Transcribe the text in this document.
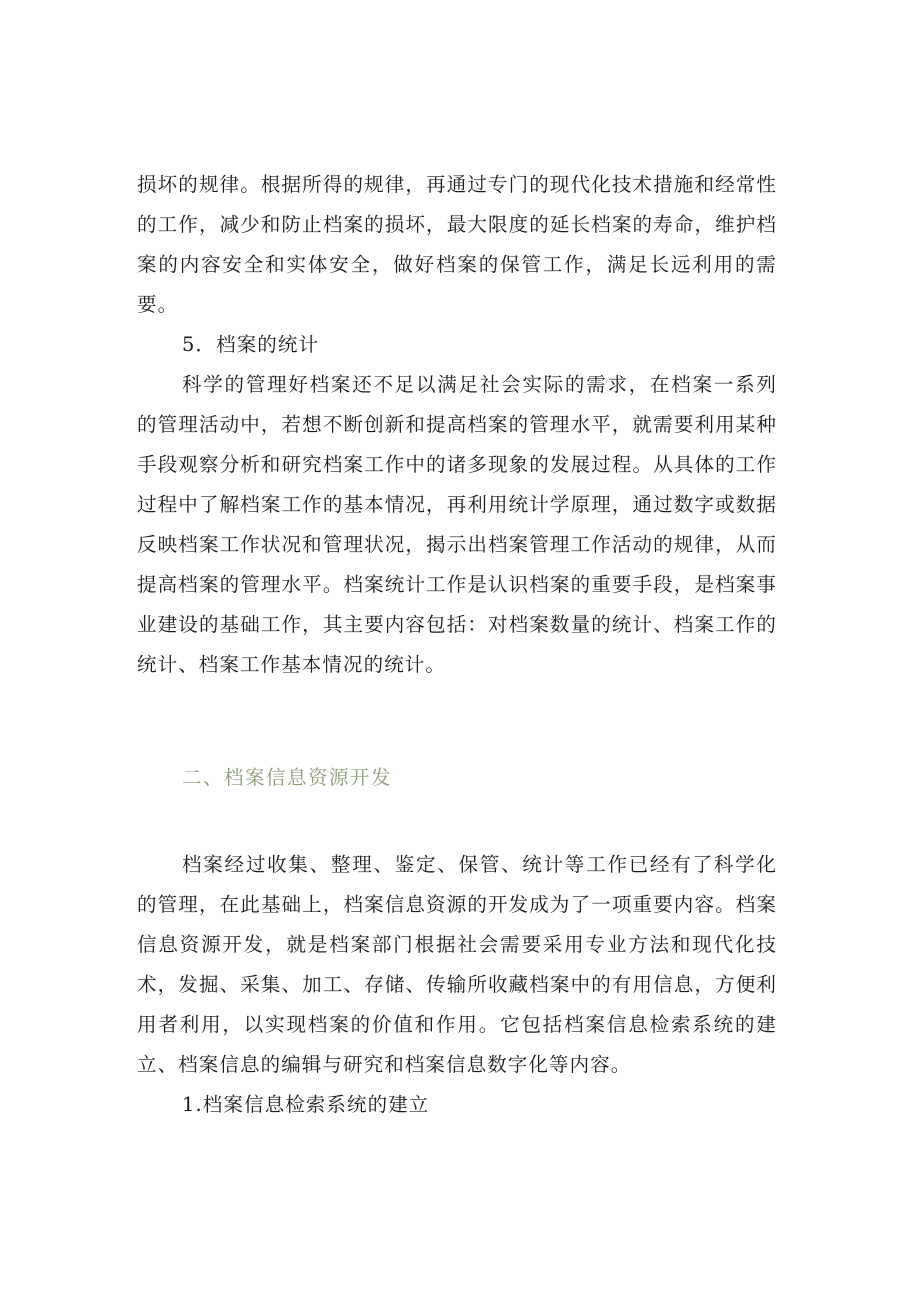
损坏的规律。根据所得的规律，再通过专门的现代化技术措施和经常性的工作，减少和防止档案的损坏，最大限度的延长档案的寿命，维护档案的内容安全和实体安全，做好档案的保管工作，满足长远利用的需要。

5．档案的统计

科学的管理好档案还不足以满足社会实际的需求，在档案一系列的管理活动中，若想不断创新和提高档案的管理水平，就需要利用某种手段观察分析和研究档案工作中的诸多现象的发展过程。从具体的工作过程中了解档案工作的基本情况，再利用统计学原理，通过数字或数据反映档案工作状况和管理状况，揭示出档案管理工作活动的规律，从而提高档案的管理水平。档案统计工作是认识档案的重要手段，是档案事业建设的基础工作，其主要内容包括：对档案数量的统计、档案工作的统计、档案工作基本情况的统计。

二、档案信息资源开发

档案经过收集、整理、鉴定、保管、统计等工作已经有了科学化的管理，在此基础上，档案信息资源的开发成为了一项重要内容。档案信息资源开发，就是档案部门根据社会需要采用专业方法和现代化技术，发掘、采集、加工、存储、传输所收藏档案中的有用信息，方便利用者利用，以实现档案的价值和作用。它包括档案信息检索系统的建立、档案信息的编辑与研究和档案信息数字化等内容。

1.档案信息检索系统的建立
